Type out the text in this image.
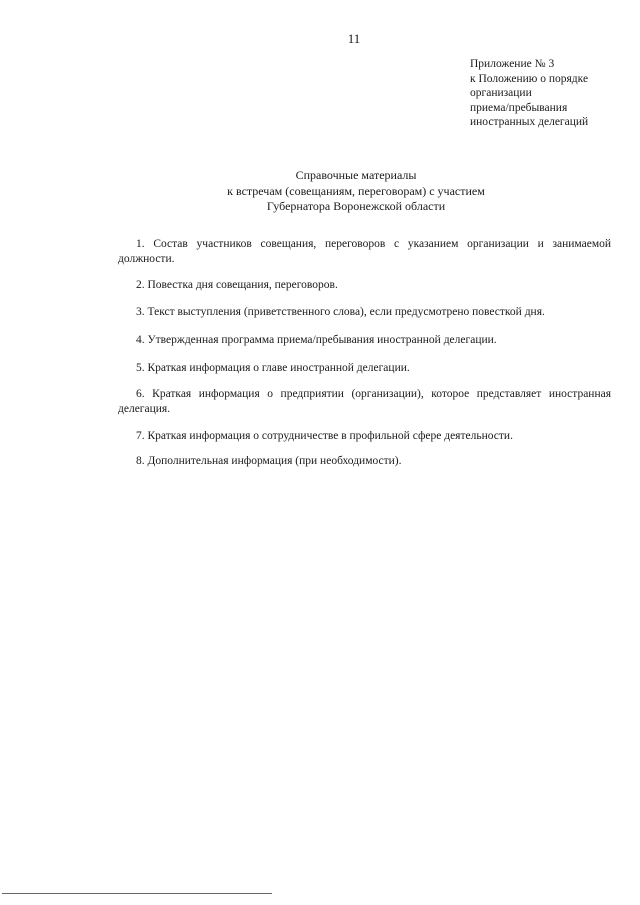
11
Приложение № 3
к Положению о порядке
организации
приема/пребывания
иностранных делегаций
Справочные материалы
к встречам (совещаниям, переговорам) с участием
Губернатора Воронежской области
1. Состав участников совещания, переговоров с указанием организации и занимаемой должности.
2. Повестка дня совещания, переговоров.
3. Текст выступления (приветственного слова), если предусмотрено повесткой дня.
4. Утвержденная программа приема/пребывания иностранной делегации.
5. Краткая информация о главе иностранной делегации.
6. Краткая информация о предприятии (организации), которое представляет иностранная делегация.
7. Краткая информация о сотрудничестве в профильной сфере деятельности.
8. Дополнительная информация (при необходимости).
